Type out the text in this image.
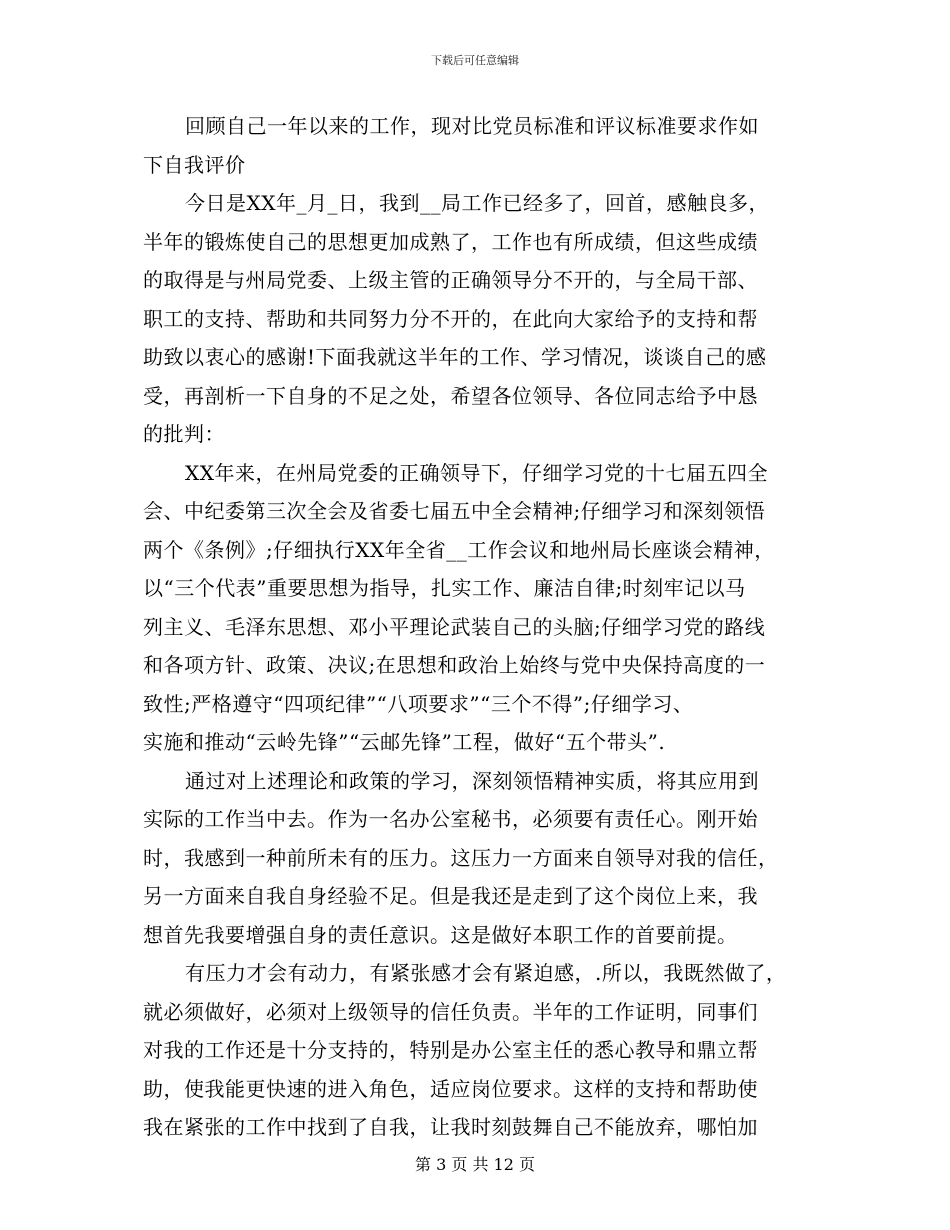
下载后可任意编辑
回顾自己一年以来的工作，现对比党员标准和评议标准要求作如
下自我评价
今日是XX年_月_日，我到__局工作已经多了，回首，感触良多，
半年的锻炼使自己的思想更加成熟了，工作也有所成绩，但这些成绩
的取得是与州局党委、上级主管的正确领导分不开的，与全局干部、
职工的支持、帮助和共同努力分不开的，在此向大家给予的支持和帮
助致以衷心的感谢!下面我就这半年的工作、学习情况，谈谈自己的感
受，再剖析一下自身的不足之处，希望各位领导、各位同志给予中恳
的批判：
XX年来，在州局党委的正确领导下，仔细学习党的十七届五四全
会、中纪委第三次全会及省委七届五中全会精神;仔细学习和深刻领悟
两个《条例》;仔细执行XX年全省__工作会议和地州局长座谈会精神，
以“三个代表”重要思想为指导，扎实工作、廉洁自律;时刻牢记以马
列主义、毛泽东思想、邓小平理论武装自己的头脑;仔细学习党的路线
和各项方针、政策、决议;在思想和政治上始终与党中央保持高度的一
致性;严格遵守“四项纪律”“八项要求”“三个不得”;仔细学习、
实施和推动“云岭先锋”“云邮先锋”工程，做好“五个带头”.
通过对上述理论和政策的学习，深刻领悟精神实质，将其应用到
实际的工作当中去。作为一名办公室秘书，必须要有责任心。刚开始
时，我感到一种前所未有的压力。这压力一方面来自领导对我的信任，
另一方面来自我自身经验不足。但是我还是走到了这个岗位上来，我
想首先我要增强自身的责任意识。这是做好本职工作的首要前提。
有压力才会有动力，有紧张感才会有紧迫感，.所以，我既然做了，
就必须做好，必须对上级领导的信任负责。半年的工作证明，同事们
对我的工作还是十分支持的，特别是办公室主任的悉心教导和鼎立帮
助，使我能更快速的进入角色，适应岗位要求。这样的支持和帮助使
我在紧张的工作中找到了自我，让我时刻鼓舞自己不能放弃，哪怕加
第 3 页 共 12 页
